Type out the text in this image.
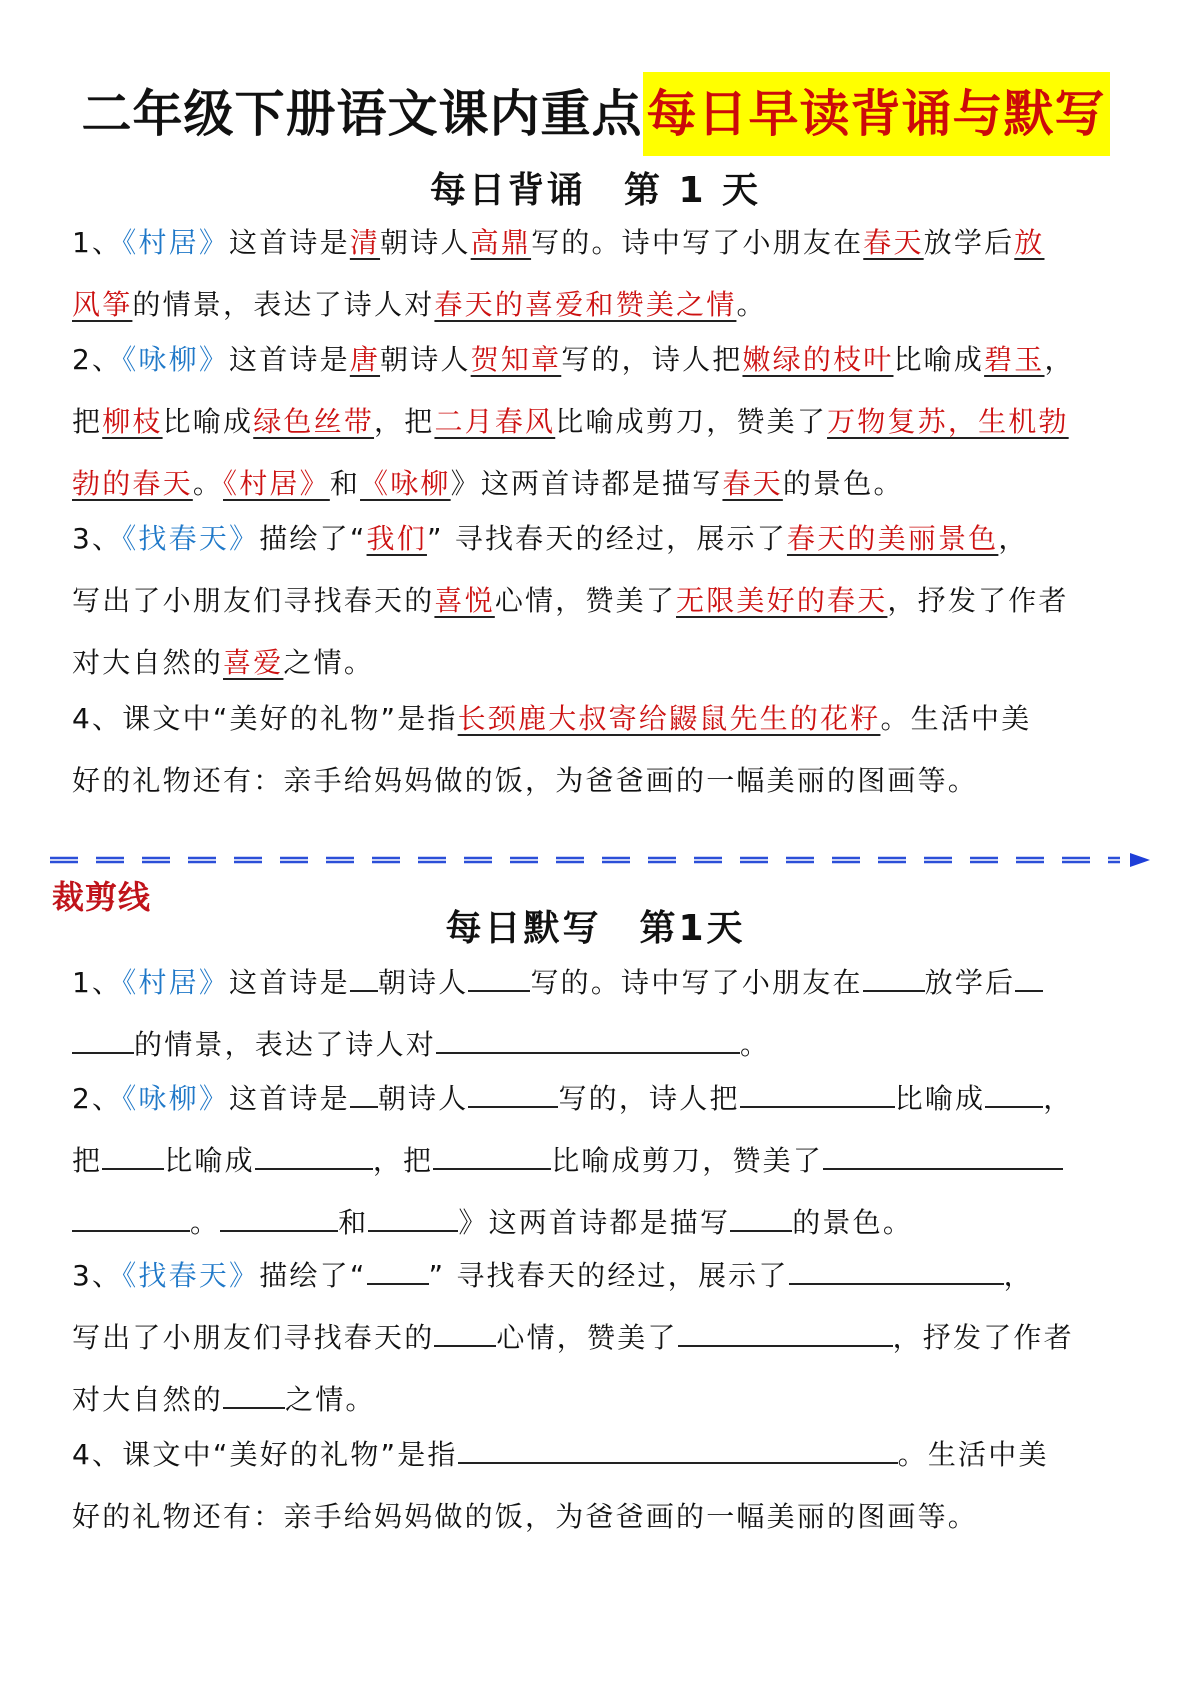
二年级下册语文课内重点 每日早读背诵与默写
每日背诵 第 1 天
1、《村居》这首诗是清朝诗人高鼎写的。诗中写了小朋友在春天放学后放
风筝的情景，表达了诗人对春天的喜爱和赞美之情。
2、《咏柳》这首诗是唐朝诗人贺知章写的，诗人把嫩绿的枝叶比喻成碧玉，
把柳枝比喻成绿色丝带，把二月春风比喻成剪刀，赞美了万物复苏，生机勃
勃的春天。《村居》和《咏柳》这两首诗都是描写春天的景色。
3、《找春天》描绘了“我们” 寻找春天的经过，展示了春天的美丽景色，
写出了小朋友们寻找春天的喜悦心情，赞美了无限美好的春天，抒发了作者
对大自然的喜爱之情。
4、课文中“美好的礼物”是指长颈鹿大叔寄给鼹鼠先生的花籽。生活中美
好的礼物还有：亲手给妈妈做的饭，为爸爸画的一幅美丽的图画等。
裁剪线
每日默写 第1天
1、《村居》这首诗是 朝诗人 写的。诗中写了小朋友在 放学后
的情景，表达了诗人对	。
2、《咏柳》这首诗是 朝诗人	写的，诗人把	比喻成 ，
把 比喻成	，把	比喻成剪刀，赞美了
。	和	》这两首诗都是描写 的景色。
3、《找春天》描绘了“ ” 寻找春天的经过，展示了	，
写出了小朋友们寻找春天的 心情，赞美了	，抒发了作者
对大自然的 之情。
4、课文中“美好的礼物”是指	。生活中美
好的礼物还有：亲手给妈妈做的饭，为爸爸画的一幅美丽的图画等。
